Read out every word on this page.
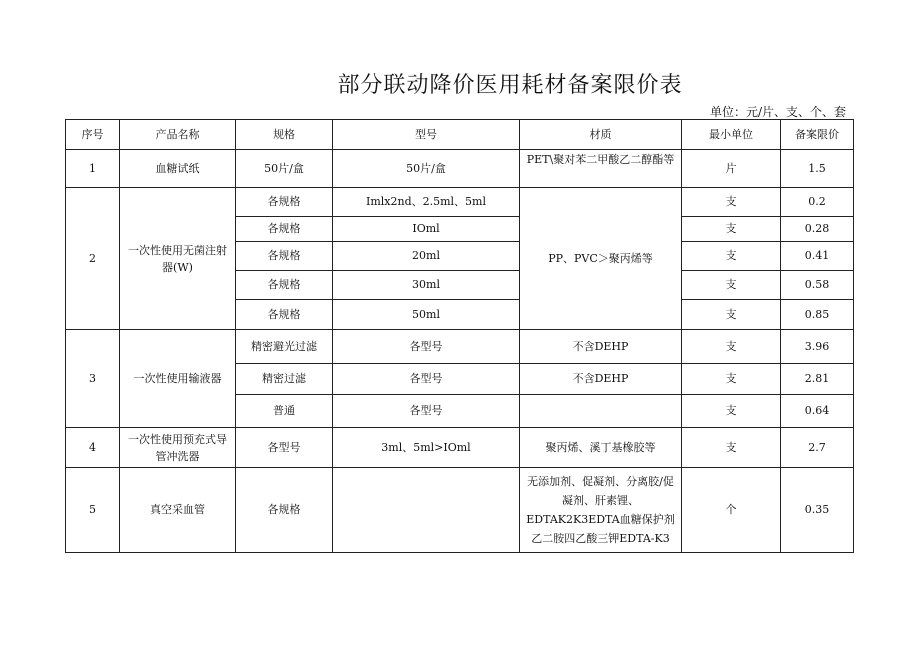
部分联动降价医用耗材备案限价表
单位：元/片、支、个、套
序号	产品名称	规格	型号	材质	最小单位	备案限价
1	血糖试纸	50片/盒	50片/盒	PET\聚对苯二甲酸乙二醇酯等	片	1.5
2	一次性使用无菌注射器(W)	各规格	Imlx2nd、2.5ml、5ml	PP、PVC＞聚丙烯等	支	0.2
		各规格	IOml		支	0.28
		各规格	20ml		支	0.41
		各规格	30ml		支	0.58
		各规格	50ml		支	0.85
3	一次性使用输液器	精密避光过滤	各型号	不含DEHP	支	3.96
		精密过滤	各型号	不含DEHP	支	2.81
		普通	各型号		支	0.64
4	一次性使用预充式导管冲洗器	各型号	3ml、5ml>IOml	聚丙烯、溪丁基橡胶等	支	2.7
5	真空采血管	各规格		无添加剂、促凝剂、分离胶/促凝剂、肝素锂、EDTAK2K3EDTA血糖保护剂乙二胺四乙酸三钾EDTA-K3	个	0.35
